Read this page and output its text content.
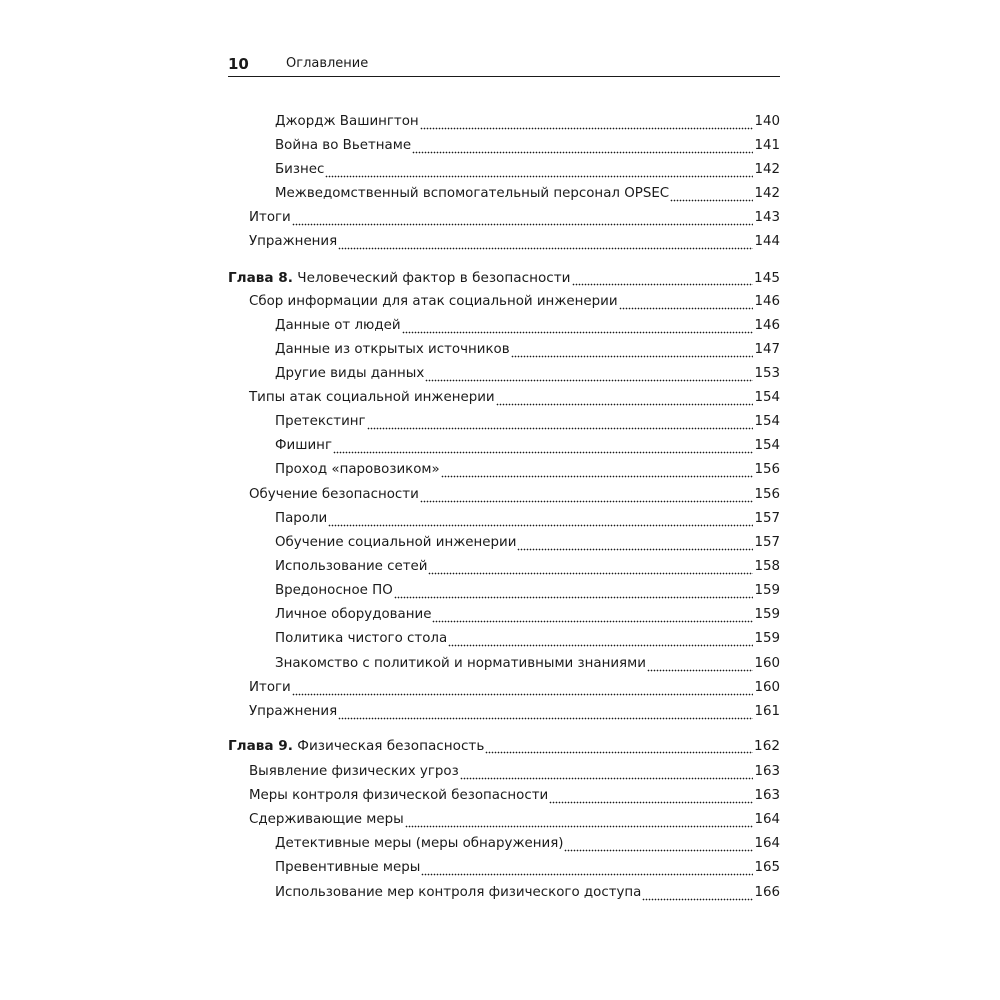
10	Оглавление
Джордж Вашингтон	140
Война во Вьетнаме	141
Бизнес	142
Межведомственный вспомогательный персонал OPSEC	142
Итоги	143
Упражнения	144
Глава 8. Человеческий фактор в безопасности	145
Сбор информации для атак социальной инженерии	146
Данные от людей	146
Данные из открытых источников	147
Другие виды данных	153
Типы атак социальной инженерии	154
Претекстинг	154
Фишинг	154
Проход «паровозиком»	156
Обучение безопасности	156
Пароли	157
Обучение социальной инженерии	157
Использование сетей	158
Вредоносное ПО	159
Личное оборудование	159
Политика чистого стола	159
Знакомство с политикой и нормативными знаниями	160
Итоги	160
Упражнения	161
Глава 9. Физическая безопасность	162
Выявление физических угроз	163
Меры контроля физической безопасности	163
Сдерживающие меры	164
Детективные меры (меры обнаружения)	164
Превентивные меры	165
Использование мер контроля физического доступа	166
